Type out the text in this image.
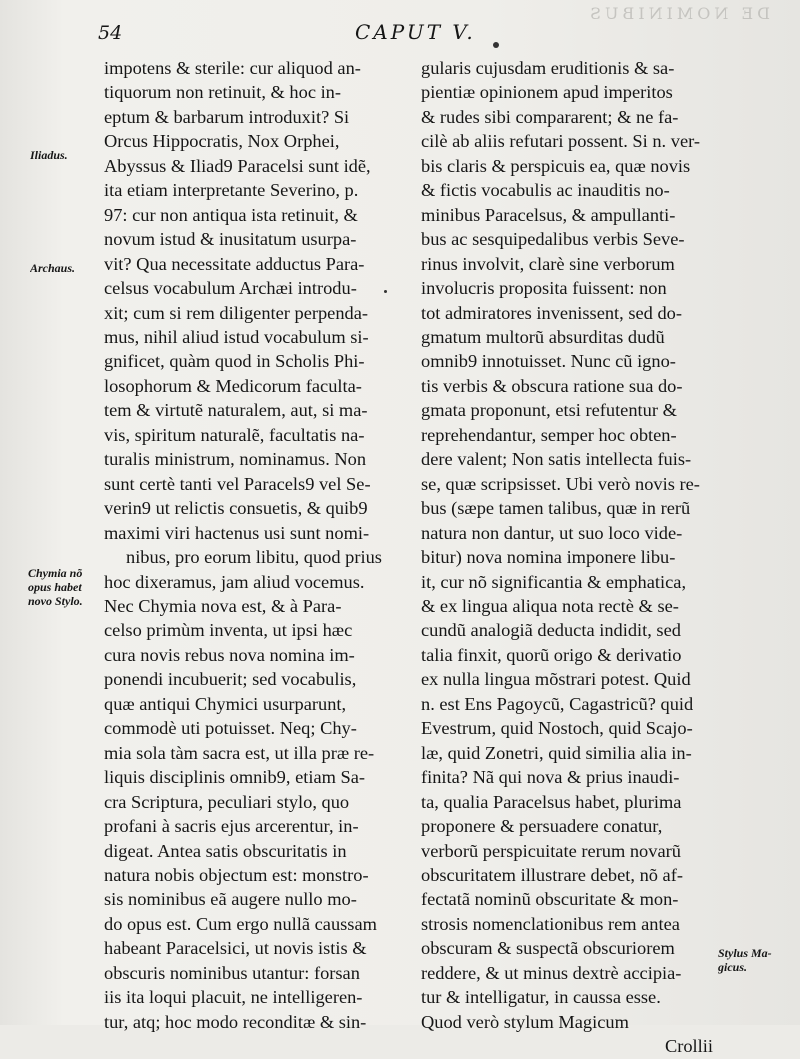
DE NOMINIBUS
54	CAPUT V.
impotens & sterile: cur aliquod an-
tiquorum non retinuit, & hoc in-
eptum & barbarum introduxit? Si
Orcus Hippocratis, Nox Orphei,
Abyssus & Iliad9 Paracelsi sunt idẽ,
ita etiam interpretante Severino, p.
97: cur non antiqua ista retinuit, &
novum istud & inusitatum usurpa-
vit? Qua necessitate adductus Para-
celsus vocabulum Archæi introdu-
xit; cum si rem diligenter perpenda-
mus, nihil aliud istud vocabulum si-
gnificet, quàm quod in Scholis Phi-
losophorum & Medicorum faculta-
tem & virtutẽ naturalem, aut, si ma-
vis, spiritum naturalẽ, facultatis na-
turalis ministrum, nominamus. Non
sunt certè tanti vel Paracels9 vel Se-
verin9 ut relictis consuetis, & quib9
maximi viri hactenus usi sunt nomi-
nibus, pro eorum libitu, quod prius
hoc dixeramus, jam aliud vocemus.
Nec Chymia nova est, & à Para-
celso primùm inventa, ut ipsi hæc
cura novis rebus nova nomina im-
ponendi incubuerit; sed vocabulis,
quæ antiqui Chymici usurparunt,
commodè uti potuisset. Neq; Chy-
mia sola tàm sacra est, ut illa præ re-
liquis disciplinis omnib9, etiam Sa-
cra Scriptura, peculiari stylo, quo
profani à sacris ejus arcerentur, in-
digeat. Antea satis obscuritatis in
natura nobis objectum est: monstro-
sis nominibus eã augere nullo mo-
do opus est. Cum ergo nullã caussam
habeant Paracelsici, ut novis istis &
obscuris nominibus utantur: forsan
iis ita loqui placuit, ne intelligeren-
tur, atq; hoc modo reconditæ & sin-
gularis cujusdam eruditionis & sa-
pientiæ opinionem apud imperitos
& rudes sibi compararent; & ne fa-
cilè ab aliis refutari possent. Si n. ver-
bis claris & perspicuis ea, quæ novis
& fictis vocabulis ac inauditis no-
minibus Paracelsus, & ampullanti-
bus ac sesquipedalibus verbis Seve-
rinus involvit, clarè sine verborum
involucris proposita fuissent: non
tot admiratores invenissent, sed do-
gmatum multorũ absurditas dudũ
omnib9 innotuisset. Nunc cũ igno-
tis verbis & obscura ratione sua do-
gmata proponunt, etsi refutentur &
reprehendantur, semper hoc obten-
dere valent; Non satis intellecta fuis-
se, quæ scripsisset. Ubi verò novis re-
bus (sæpe tamen talibus, quæ in rerũ
natura non dantur, ut suo loco vide-
bitur) nova nomina imponere libu-
it, cur nõ significantia & emphatica,
& ex lingua aliqua nota rectè & se-
cundũ analogiã deducta indidit, sed
talia finxit, quorũ origo & derivatio
ex nulla lingua mõstrari potest. Quid
n. est Ens Pagoycũ, Cagastricũ? quid
Evestrum, quid Nostoch, quid Scajo-
læ, quid Zonetri, quid similia alia in-
finita? Nã qui nova & prius inaudi-
ta, qualia Paracelsus habet, plurima
proponere & persuadere conatur,
verborũ perspicuitate rerum novarũ
obscuritatem illustrare debet, nõ af-
fectatã nominũ obscuritate & mon-
strosis nomenclationibus rem antea
obscuram & suspectã obscuriorem
reddere, & ut minus dextrè accipia-
tur & intelligatur, in caussa esse.
Quod verò stylum Magicum
Crollii
Iliadus.
Archaus.
Chymia nõ
opus habet
novo Stylo.
Stylus Ma-
gicus.
